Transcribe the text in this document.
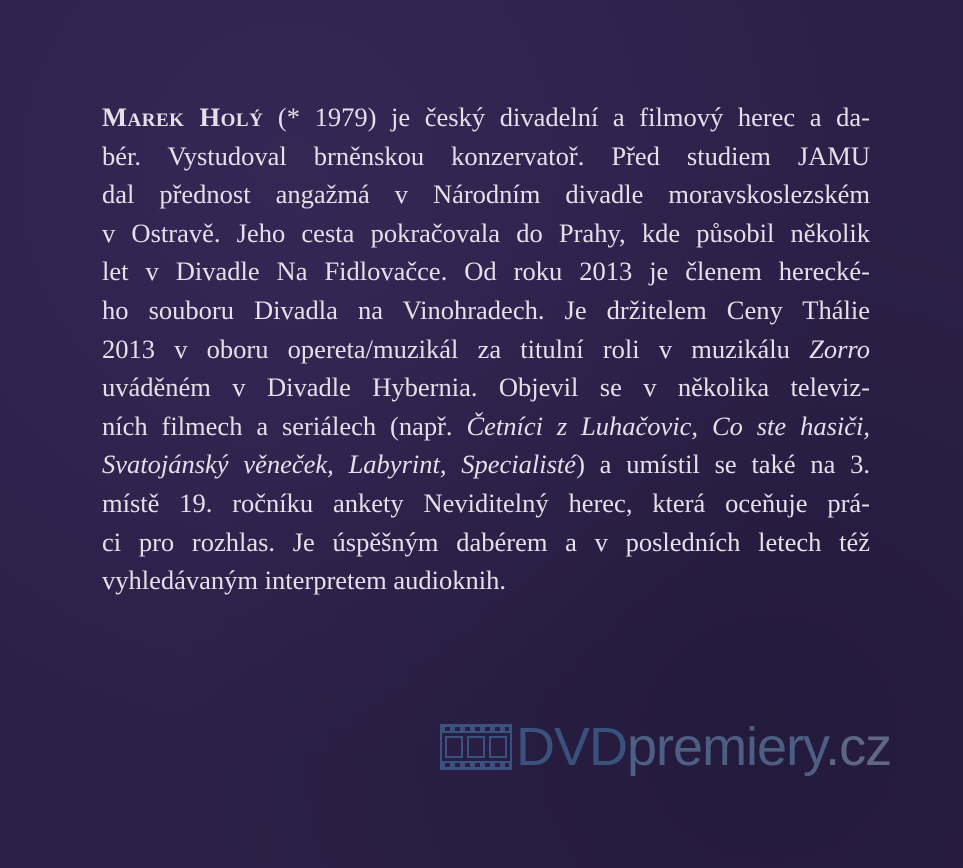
Marek Holý (* 1979) je český divadelní a filmový herec a da-
bér. Vystudoval brněnskou konzervatoř. Před studiem JAMU
dal přednost angažmá v Národním divadle moravskoslezském
v Ostravě. Jeho cesta pokračovala do Prahy, kde působil několik
let v Divadle Na Fidlovačce. Od roku 2013 je členem herecké-
ho souboru Divadla na Vinohradech. Je držitelem Ceny Thálie
2013 v oboru opereta/muzikál za titulní roli v muzikálu Zorro
uváděném v Divadle Hybernia. Objevil se v několika televiz-
ních filmech a seriálech (např. Četníci z Luhačovic, Co ste hasiči,
Svatojánský věneček, Labyrint, Specialisté) a umístil se také na 3.
místě 19. ročníku ankety Neviditelný herec, která oceňuje prá-
ci pro rozhlas. Je úspěšným dabérem a v posledních letech též
vyhledávaným interpretem audioknih.
DVDpremiery.cz
